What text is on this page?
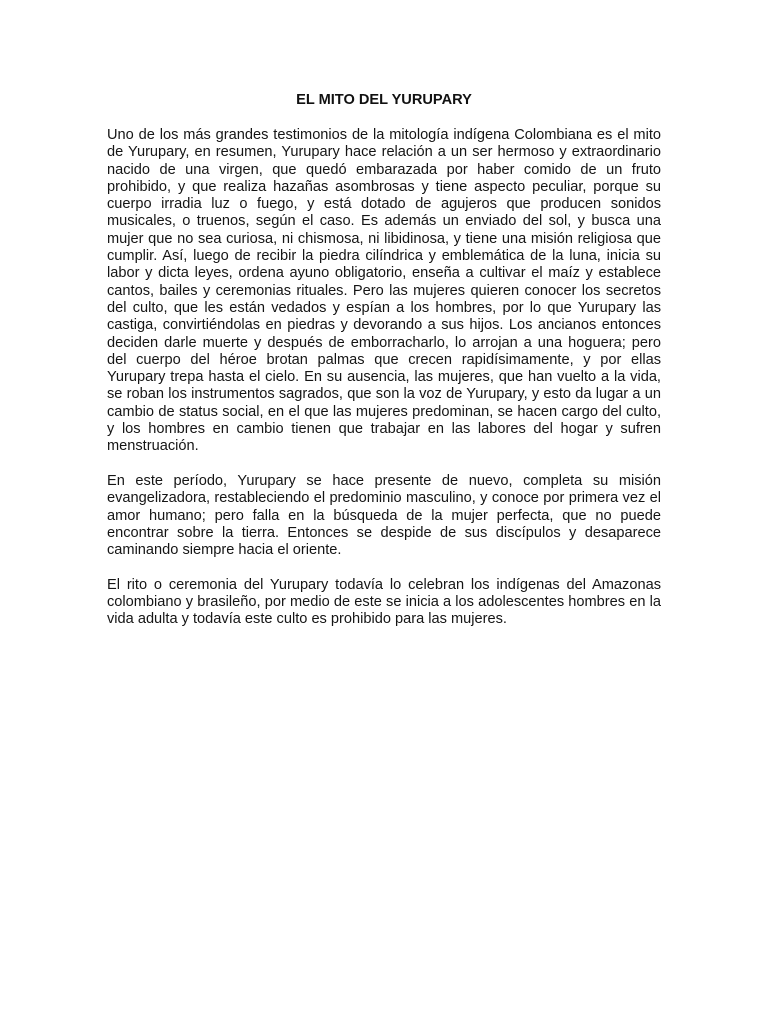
EL MITO DEL YURUPARY

Uno de los más grandes testimonios de la mitología indígena Colombiana es el mito de Yurupary, en resumen, Yurupary hace relación a un ser hermoso y extraordinario nacido de una virgen, que quedó embarazada por haber comido de un fruto prohibido, y que realiza hazañas asombrosas y tiene aspecto peculiar, porque su cuerpo irradia luz o fuego, y está dotado de agujeros que producen sonidos musicales, o truenos, según el caso. Es además un enviado del sol, y busca una mujer que no sea curiosa, ni chismosa, ni libidinosa, y tiene una misión religiosa que cumplir. Así, luego de recibir la piedra cilíndrica y emblemática de la luna, inicia su labor y dicta leyes, ordena ayuno obligatorio, enseña a cultivar el maíz y establece cantos, bailes y ceremonias rituales. Pero las mujeres quieren conocer los secretos del culto, que les están vedados y espían a los hombres, por lo que Yurupary las castiga, convirtiéndolas en piedras y devorando a sus hijos. Los ancianos entonces deciden darle muerte y después de emborracharlo, lo arrojan a una hoguera; pero del cuerpo del héroe brotan palmas que crecen rapidísimamente, y por ellas Yurupary trepa hasta el cielo. En su ausencia, las mujeres, que han vuelto a la vida, se roban los instrumentos sagrados, que son la voz de Yurupary, y esto da lugar a un cambio de status social, en el que las mujeres predominan, se hacen cargo del culto, y los hombres en cambio tienen que trabajar en las labores del hogar y sufren menstruación.

En este período, Yurupary se hace presente de nuevo, completa su misión evangelizadora, restableciendo el predominio masculino, y conoce por primera vez el amor humano; pero falla en la búsqueda de la mujer perfecta, que no puede encontrar sobre la tierra. Entonces se despide de sus discípulos y desaparece caminando siempre hacia el oriente.

El rito o ceremonia del Yurupary todavía lo celebran los indígenas del Amazonas colombiano y brasileño, por medio de este se inicia a los adolescentes hombres en la vida adulta y todavía este culto es prohibido para las mujeres.
